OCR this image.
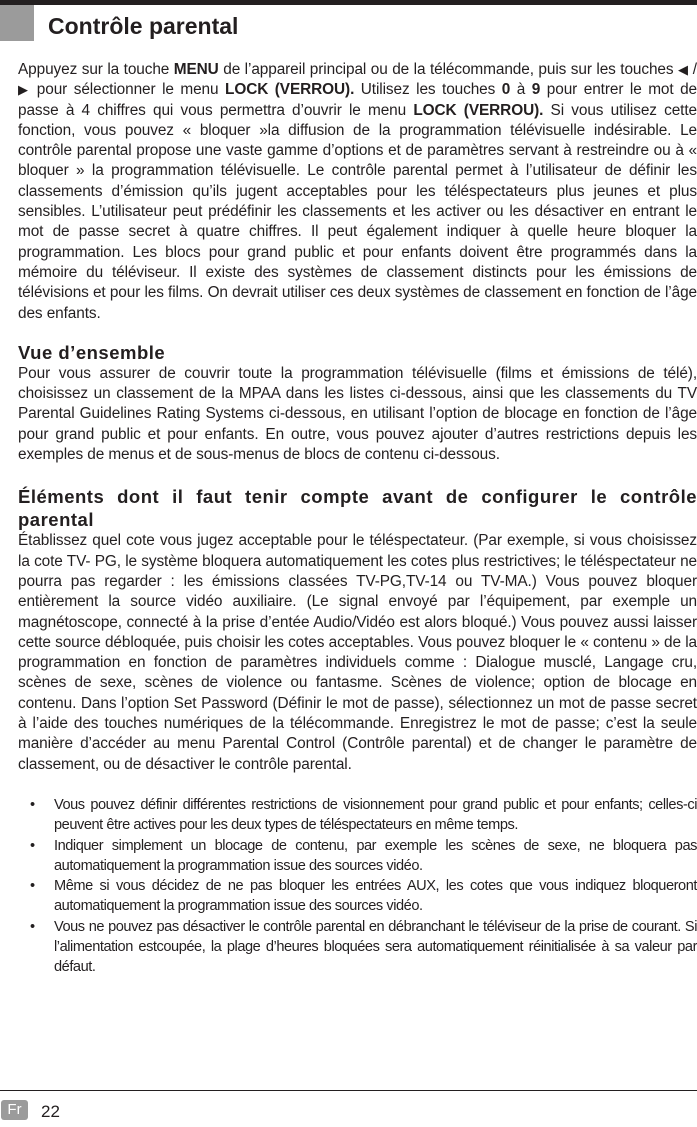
Contrôle parental

Appuyez sur la touche MENU de l’appareil principal ou de la télécommande, puis sur les touches ◀ / ▶ pour sélectionner le menu LOCK (VERROU). Utilisez les touches 0 à 9 pour entrer le mot de passe à 4 chiffres qui vous permettra d’ouvrir le menu LOCK (VERROU). Si vous utilisez cette fonction, vous pouvez « bloquer »la diffusion de la programmation télévisuelle indésirable. Le contrôle parental propose une vaste gamme d’options et de paramètres servant à restreindre ou à « bloquer » la programmation télévisuelle. Le contrôle parental permet à l’utilisateur de définir les classements d’émission qu’ils jugent acceptables pour les téléspectateurs plus jeunes et plus sensibles. L’utilisateur peut prédéfinir les classements et les activer ou les désactiver en entrant le mot de passe secret à quatre chiffres. Il peut également indiquer à quelle heure bloquer la programmation. Les blocs pour grand public et pour enfants doivent être programmés dans la mémoire du téléviseur. Il existe des systèmes de classement distincts pour les émissions de télévisions et pour les films. On devrait utiliser ces deux systèmes de classement en fonction de l’âge des enfants.

Vue d’ensemble

Pour vous assurer de couvrir toute la programmation télévisuelle (films et émissions de télé), choisissez un classement de la MPAA dans les listes ci-dessous, ainsi que les classements du TV Parental Guidelines Rating Systems ci-dessous, en utilisant l’option de blocage en fonction de l’âge pour grand public et pour enfants. En outre, vous pouvez ajouter d’autres restrictions depuis les exemples de menus et de sous-menus de blocs de contenu ci-dessous.

Éléments dont il faut tenir compte avant de configurer le contrôle parental

Établissez quel cote vous jugez acceptable pour le téléspectateur. (Par exemple, si vous choisissez la cote TV- PG, le système bloquera automatiquement les cotes plus restrictives; le téléspectateur ne pourra pas regarder : les émissions classées TV-PG,TV-14 ou TV-MA.) Vous pouvez bloquer entièrement la source vidéo auxiliaire. (Le signal envoyé par l’équipement, par exemple un magnétoscope, connecté à la prise d’entée Audio/Vidéo est alors bloqué.) Vous pouvez aussi laisser cette source débloquée, puis choisir les cotes acceptables. Vous pouvez bloquer le « contenu » de la programmation en fonction de paramètres individuels comme : Dialogue musclé, Langage cru, scènes de sexe, scènes de violence ou fantasme. Scènes de violence; option de blocage en contenu. Dans l’option Set Password (Définir le mot de passe), sélectionnez un mot de passe secret à l’aide des touches numériques de la télécommande. Enregistrez le mot de passe; c’est la seule manière d’accéder au menu Parental Control (Contrôle parental) et de changer le paramètre de classement, ou de désactiver le contrôle parental.

• Vous pouvez définir différentes restrictions de visionnement pour grand public et pour enfants; celles-ci peuvent être actives pour les deux types de téléspectateurs en même temps.
• Indiquer simplement un blocage de contenu, par exemple les scènes de sexe, ne bloquera pas automatiquement la programmation issue des sources vidéo.
• Même si vous décidez de ne pas bloquer les entrées AUX, les cotes que vous indiquez bloqueront automatiquement la programmation issue des sources vidéo.
• Vous ne pouvez pas désactiver le contrôle parental en débranchant le téléviseur de la prise de courant. Si l’alimentation estcoupée, la plage d’heures bloquées sera automatiquement réinitialisée à sa valeur par défaut.
Fr	22
